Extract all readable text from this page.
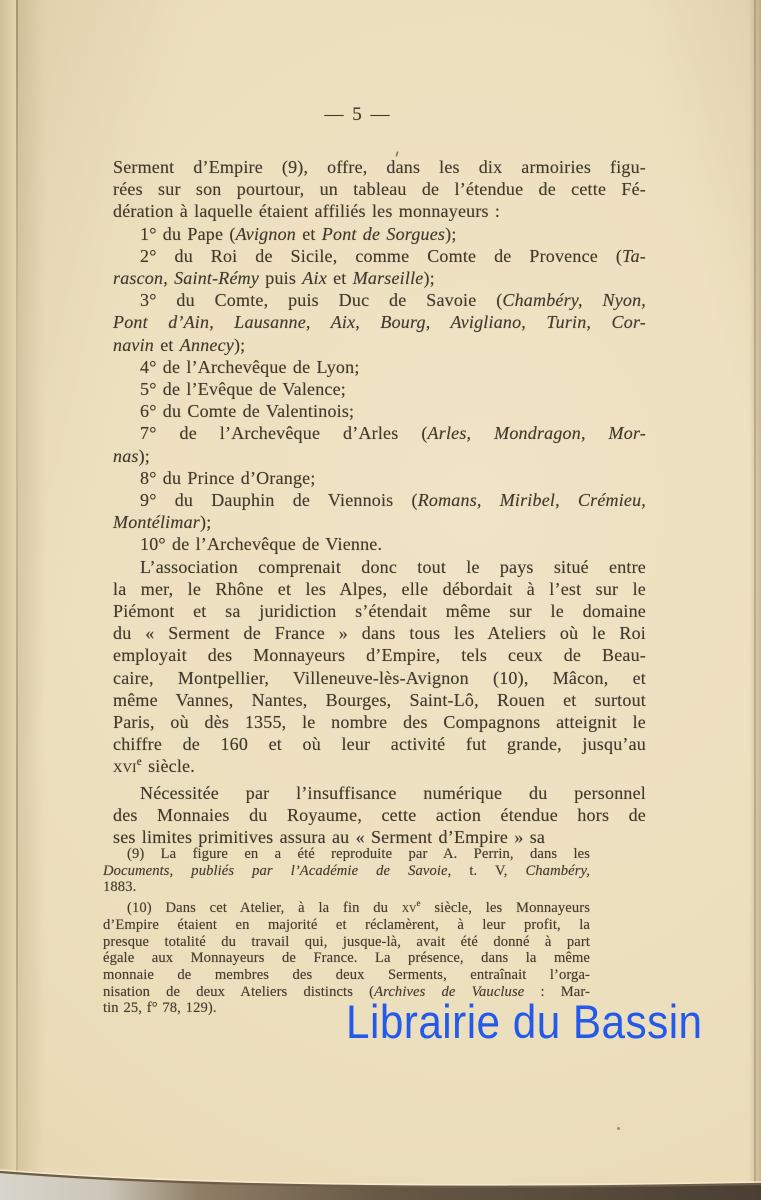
— 5 —
Serment d’Empire (9), offre, dans les dix armoiries figu-
rées sur son pourtour, un tableau de l’étendue de cette Fé-
dération à laquelle étaient affiliés les monnayeurs :
1° du Pape (Avignon et Pont de Sorgues);
2° du Roi de Sicile, comme Comte de Provence (Ta-
rascon, Saint-Rémy puis Aix et Marseille);
3° du Comte, puis Duc de Savoie (Chambéry, Nyon,
Pont d’Ain, Lausanne, Aix, Bourg, Avigliano, Turin, Cor-
navin et Annecy);
4° de l’Archevêque de Lyon;
5° de l’Evêque de Valence;
6° du Comte de Valentinois;
7° de l’Archevêque d’Arles (Arles, Mondragon, Mor-
nas);
8° du Prince d’Orange;
9° du Dauphin de Viennois (Romans, Miribel, Crémieu,
Montélimar);
10° de l’Archevêque de Vienne.
L’association comprenait donc tout le pays situé entre
la mer, le Rhône et les Alpes, elle débordait à l’est sur le
Piémont et sa juridiction s’étendait même sur le domaine
du « Serment de France » dans tous les Ateliers où le Roi
employait des Monnayeurs d’Empire, tels ceux de Beau-
caire, Montpellier, Villeneuve-lès-Avignon (10), Mâcon, et
même Vannes, Nantes, Bourges, Saint-Lô, Rouen et surtout
Paris, où dès 1355, le nombre des Compagnons atteignit le
chiffre de 160 et où leur activité fut grande, jusqu’au
xvi$^e$ siècle.
Nécessitée par l’insuffisance numérique du personnel
des Monnaies du Royaume, cette action étendue hors de
ses limites primitives assura au « Serment d’Empire » sa
(9) La figure en a été reproduite par A. Perrin, dans les
Documents, publiés par l’Académie de Savoie, t. V, Chambéry,
1883.
(10) Dans cet Atelier, à la fin du $xv^e$ siècle, les Monnayeurs
d’Empire étaient en majorité et réclamèrent, à leur profit, la
presque totalité du travail qui, jusque-là, avait été donné à part
égale aux Monnayeurs de France. La présence, dans la même
monnaie de membres des deux Serments, entraînait l’orga-
nisation de deux Ateliers distincts (Archives de Vaucluse : Mar-
tin 25, f° 78, 129).	Librairie du Bassin
